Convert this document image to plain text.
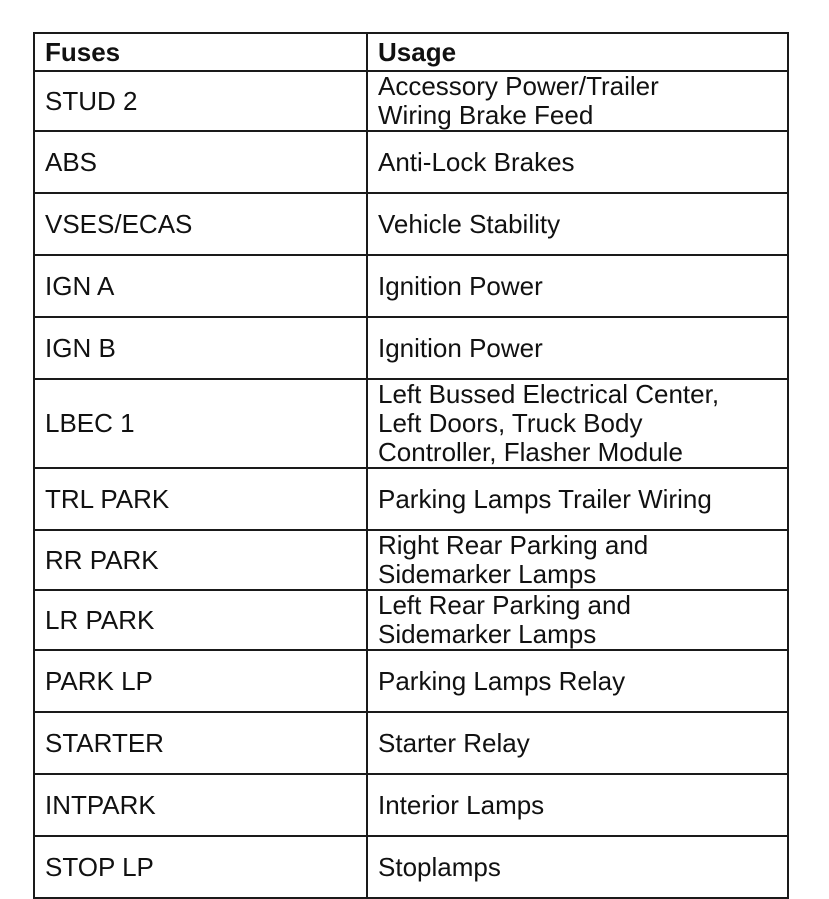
Fuses	Usage
STUD 2	Accessory Power/Trailer
Wiring Brake Feed
ABS	Anti-Lock Brakes
VSES/ECAS	Vehicle Stability
IGN A	Ignition Power
IGN B	Ignition Power
LBEC 1	Left Bussed Electrical Center,
Left Doors, Truck Body
Controller, Flasher Module
TRL PARK	Parking Lamps Trailer Wiring
RR PARK	Right Rear Parking and
Sidemarker Lamps
LR PARK	Left Rear Parking and
Sidemarker Lamps
PARK LP	Parking Lamps Relay
STARTER	Starter Relay
INTPARK	Interior Lamps
STOP LP	Stoplamps
